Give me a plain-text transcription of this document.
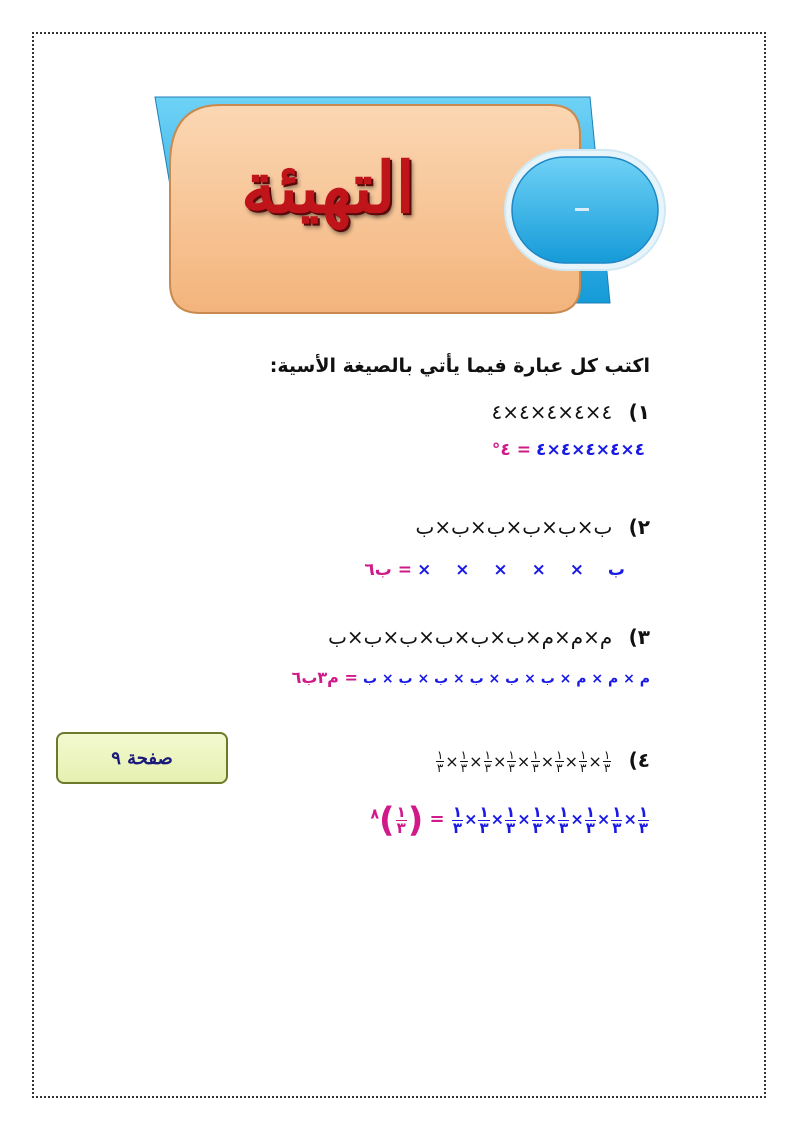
التهيئة

اكتب كل عبارة فيما يأتي بالصيغة الأسية:

١) ٤×٤×٤×٤×٤
٤×٤×٤×٤×٤ = ٤°
٢) ب×ب×ب×ب×ب×ب
ب × × × × × = ب٦
٣) م×م×م×ب×ب×ب×ب×ب×ب
م × م × م × ب × ب × ب × ب × ب × ب = م٣ب٦
٤)
$\frac{١}{٣}$
×
$\frac{١}{٣}$
×
$\frac{١}{٣}$
×
$\frac{١}{٣}$
×
$\frac{١}{٣}$
×
$\frac{١}{٣}$
×
$\frac{١}{٣}$
×
$\frac{١}{٣}$
$\frac{١}{٣}$
×
$\frac{١}{٣}$
×
$\frac{١}{٣}$
×
$\frac{١}{٣}$
×
$\frac{١}{٣}$
×
$\frac{١}{٣}$
×
$\frac{١}{٣}$
×
$\frac{١}{٣}$
= (
$\frac{١}{٣}$
)$^٨$
صفحة ٩
